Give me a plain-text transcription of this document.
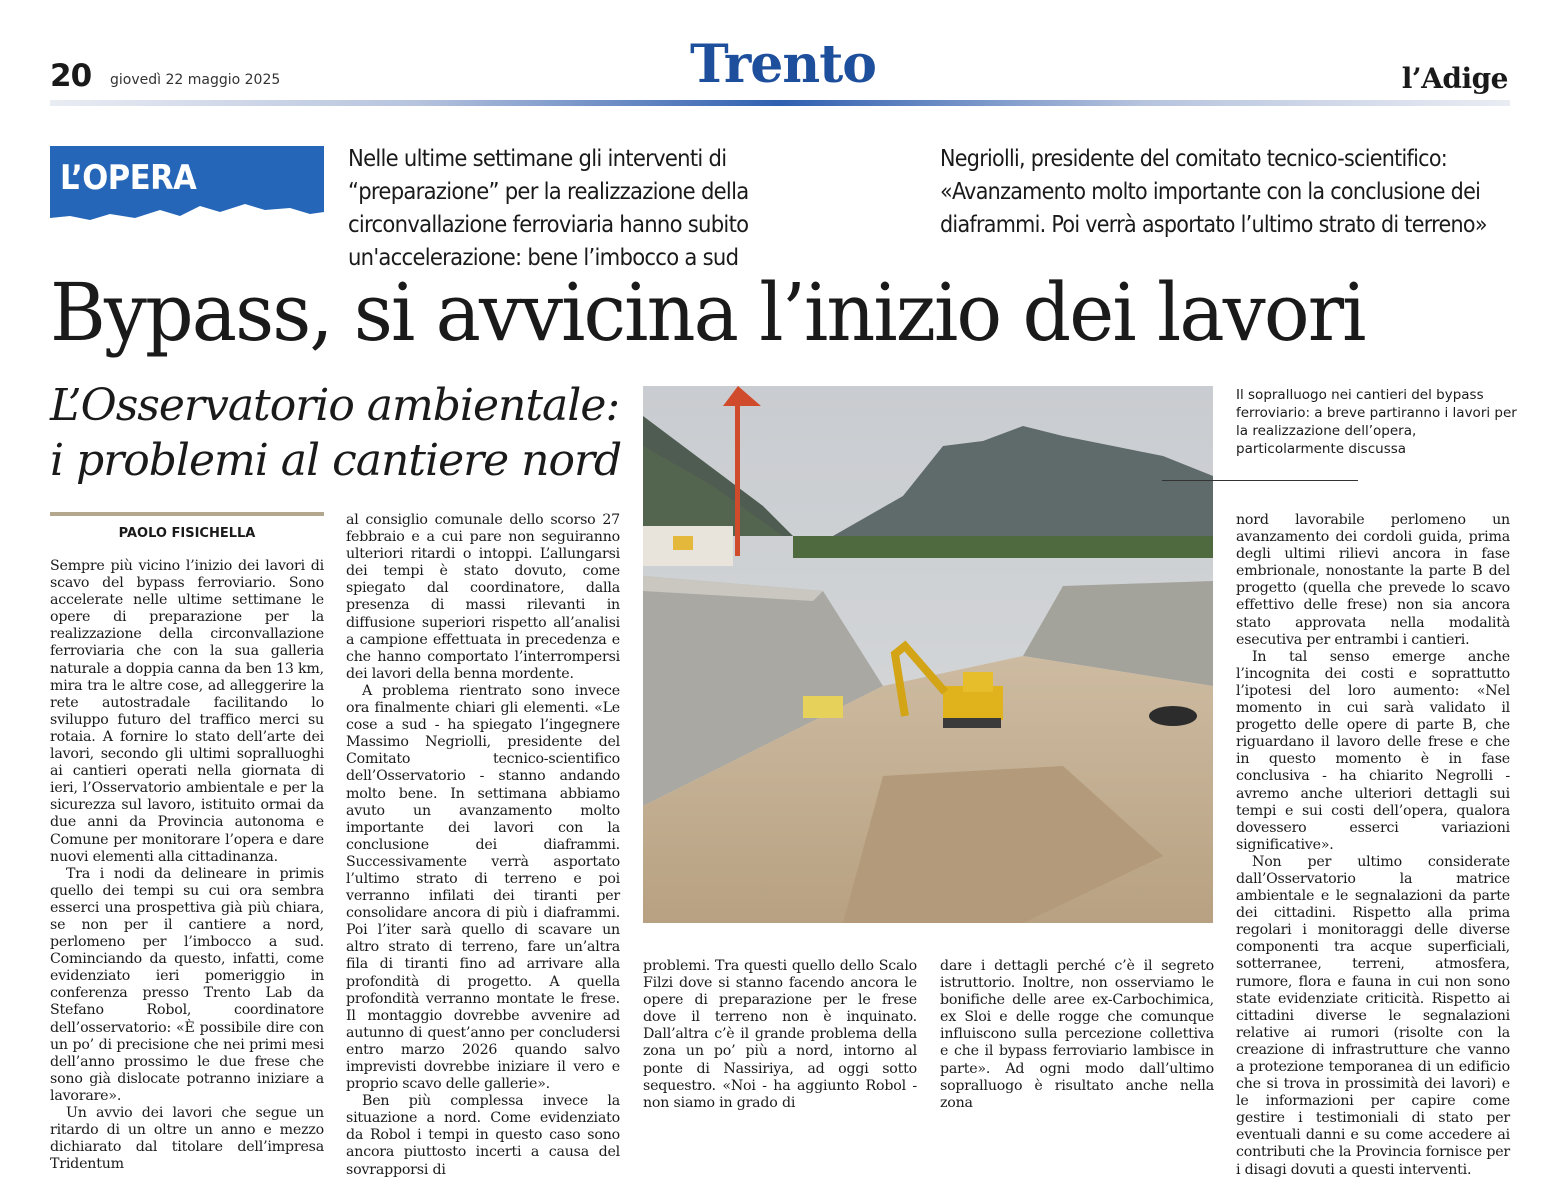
20 giovedì 22 maggio 2025	Trento	l’Adige
L’OPERA	Nelle ultime settimane gli interventi di “preparazione” per la realizzazione della circonvallazione ferroviaria hanno subito un'accelerazione: bene l’imbocco a sud
Negriolli, presidente del comitato tecnico-scientifico: «Avanzamento molto importante con la conclusione dei diaframmi. Poi verrà asportato l’ultimo strato di terreno»
Bypass, si avvicina l’inizio dei lavori
L’Osservatorio ambientale:
i problemi al cantiere nord
PAOLO FISICHELLA

Sempre più vicino l’inizio dei lavori di scavo del bypass ferroviario. Sono accelerate nelle ultime settimane le opere di preparazione per la realizzazione della circonvallazione ferroviaria che con la sua galleria naturale a doppia canna da ben 13 km, mira tra le altre cose, ad alleggerire la rete autostradale facilitando lo sviluppo futuro del traffico merci su rotaia. A fornire lo stato dell’arte dei lavori, secondo gli ultimi sopralluoghi ai cantieri operati nella giornata di ieri, l’Osservatorio ambientale e per la sicurezza sul lavoro, istituito ormai da due anni da Provincia autonoma e Comune per monitorare l’opera e dare nuovi elementi alla cittadinanza.

Tra i nodi da delineare in primis quello dei tempi su cui ora sembra esserci una prospettiva già più chiara, se non per il cantiere a nord, perlomeno per l’imbocco a sud. Cominciando da questo, infatti, come evidenziato ieri pomeriggio in conferenza presso Trento Lab da Stefano Robol, coordinatore dell’osservatorio: «È possibile dire con un po’ di precisione che nei primi mesi dell’anno prossimo le due frese che sono già dislocate potranno iniziare a lavorare».

Un avvio dei lavori che segue un ritardo di un oltre un anno e mezzo dichiarato dal titolare dell’impresa Tridentum

al consiglio comunale dello scorso 27 febbraio e a cui pare non seguiranno ulteriori ritardi o intoppi. L’allungarsi dei tempi è stato dovuto, come spiegato dal coordinatore, dalla presenza di massi rilevanti in diffusione superiori rispetto all’analisi a campione effettuata in precedenza e che hanno comportato l’interrompersi dei lavori della benna mordente.

A problema rientrato sono invece ora finalmente chiari gli elementi. «Le cose a sud - ha spiegato l’ingegnere Massimo Negriolli, presidente del Comitato tecnico-scientifico dell’Osservatorio - stanno andando molto bene. In settimana abbiamo avuto un avanzamento molto importante dei lavori con la conclusione dei diaframmi. Successivamente verrà asportato l’ultimo strato di terreno e poi verranno infilati dei tiranti per consolidare ancora di più i diaframmi. Poi l’iter sarà quello di scavare un altro strato di terreno, fare un’altra fila di tiranti fino ad arrivare alla profondità di progetto. A quella profondità verranno montate le frese. Il montaggio dovrebbe avvenire ad autunno di quest’anno per concludersi entro marzo 2026 quando salvo imprevisti dovrebbe iniziare il vero e proprio scavo delle gallerie».

Ben più complessa invece la situazione a nord. Come evidenziato da Robol i tempi in questo caso sono ancora piuttosto incerti a causa del sovrapporsi di

problemi. Tra questi quello dello Scalo Filzi dove si stanno facendo ancora le opere di preparazione per le frese dove il terreno non è inquinato. Dall’altra c’è il grande problema della zona un po’ più a nord, intorno al ponte di Nassiriya, ad oggi sotto sequestro. «Noi - ha aggiunto Robol - non siamo in grado di

dare i dettagli perché c’è il segreto istruttorio. Inoltre, non osserviamo le bonifiche delle aree ex-Carbochimica, ex Sloi e delle rogge che comunque influiscono sulla percezione collettiva e che il bypass ferroviario lambisce in parte». Ad ogni modo dall’ultimo sopralluogo è risultato anche nella zona

nord lavorabile perlomeno un avanzamento dei cordoli guida, prima degli ultimi rilievi ancora in fase embrionale, nonostante la parte B del progetto (quella che prevede lo scavo effettivo delle frese) non sia ancora stato approvata nella modalità esecutiva per entrambi i cantieri.

In tal senso emerge anche l’incognita dei costi e soprattutto l’ipotesi del loro aumento: «Nel momento in cui sarà validato il progetto delle opere di parte B, che riguardano il lavoro delle frese e che in questo momento è in fase conclusiva - ha chiarito Negrolli - avremo anche ulteriori dettagli sui tempi e sui costi dell’opera, qualora dovessero esserci variazioni significative».

Non per ultimo considerate dall’Osservatorio la matrice ambientale e le segnalazioni da parte dei cittadini. Rispetto alla prima regolari i monitoraggi delle diverse componenti tra acque superficiali, sotterranee, terreni, atmosfera, rumore, flora e fauna in cui non sono state evidenziate criticità. Rispetto ai cittadini diverse le segnalazioni relative ai rumori (risolte con la creazione di infrastrutture che vanno a protezione temporanea di un edificio che si trova in prossimità dei lavori) e le informazioni per capire come gestire i testimoniali di stato per eventuali danni e su come accedere ai contributi che la Provincia fornisce per i disagi dovuti a questi interventi.

Il sopralluogo nei cantieri del bypass ferroviario: a breve partiranno i lavori per la realizzazione dell’opera, particolarmente discussa
